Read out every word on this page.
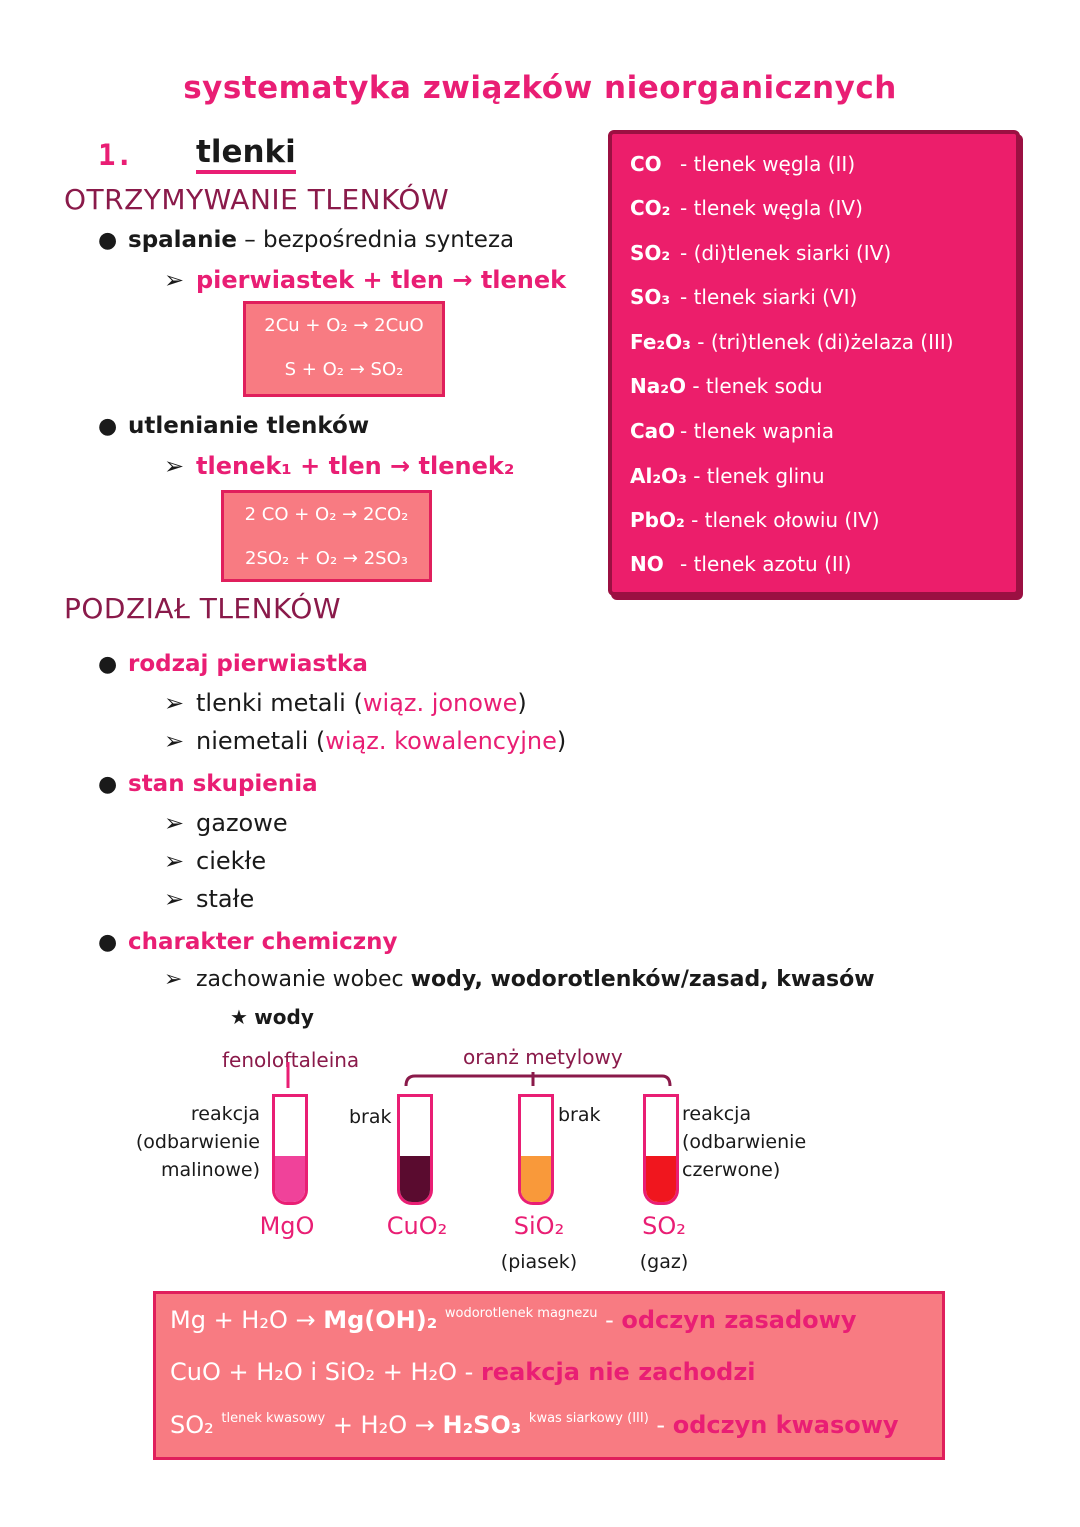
systematyka związków nieorganicznych
1. tlenki
OTRZYMYWANIE TLENKÓW
● spalanie – bezpośrednia synteza
➢ pierwiastek + tlen → tlenek
2Cu + O₂ → 2CuO
S + O₂ → SO₂
● utlenianie tlenków
➢ tlenek₁ + tlen → tlenek₂
2 CO + O₂ → 2CO₂
2SO₂ + O₂ → 2SO₃
CO - tlenek węgla (II)
CO₂ - tlenek węgla (IV)
SO₂ - (di)tlenek siarki (IV)
SO₃ - tlenek siarki (VI)
Fe₂O₃ - (tri)tlenek (di)żelaza (III)
Na₂O - tlenek sodu
CaO - tlenek wapnia
Al₂O₃ - tlenek glinu
PbO₂ - tlenek ołowiu (IV)
NO - tlenek azotu (II)
PODZIAŁ TLENKÓW
● rodzaj pierwiastka
➢ tlenki metali (wiąz. jonowe)
➢ niemetali (wiąz. kowalencyjne)
● stan skupienia
➢ gazowe
➢ ciekłe
➢ stałe
● charakter chemiczny
➢ zachowanie wobec wody, wodorotlenków/zasad, kwasów
★ wody
fenoloftaleina	oranż metylowy
reakcja
(odbarwienie
malinowe)
brak	brak	reakcja
(odbarwienie
czerwone)
MgO	CuO₂	SiO₂	SO₂
(piasek)	(gaz)
Mg + H₂O → Mg(OH)₂ $^{wodorotlenek magnezu}$ - odczyn zasadowy
CuO + H₂O i SiO₂ + H₂O - reakcja nie zachodzi
SO₂ $^{tlenek kwasowy}$ + H₂O → H₂SO₃ $^{kwas siarkowy (III)}$ - odczyn kwasowy
